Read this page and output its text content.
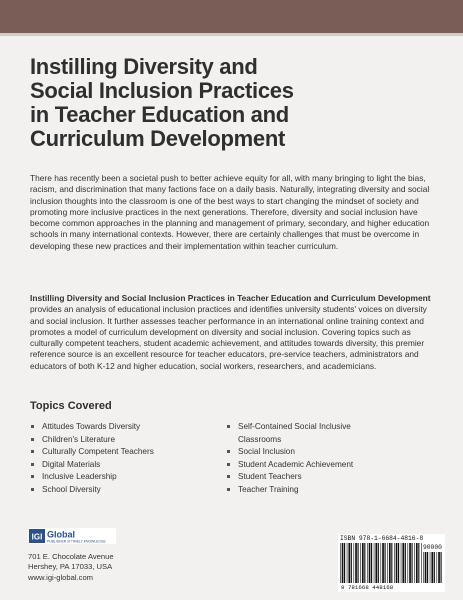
Instilling Diversity and
Social Inclusion Practices
in Teacher Education and
Curriculum Development

There has recently been a societal push to better achieve equity for all, with many bringing to light the bias, racism, and discrimination that many factions face on a daily basis. Naturally, integrating diversity and social inclusion thoughts into the classroom is one of the best ways to start changing the mindset of society and promoting more inclusive practices in the next generations. Therefore, diversity and social inclusion have become common approaches in the planning and management of primary, secondary, and higher education schools in many international contexts. However, there are certainly challenges that must be overcome in developing these new practices and their implementation within teacher curriculum.

Instilling Diversity and Social Inclusion Practices in Teacher Education and Curriculum Development provides an analysis of educational inclusion practices and identifies university students' voices on diversity and social inclusion. It further assesses teacher performance in an international online training context and promotes a model of curriculum development on diversity and social inclusion. Covering topics such as culturally competent teachers, student academic achievement, and attitudes towards diversity, this premier reference source is an excellent resource for teacher educators, pre-service teachers, administrators and educators of both K-12 and higher education, social workers, researchers, and academicians.

Topics Covered
Attitudes Towards Diversity
Children's Literature
Culturally Competent Teachers
Digital Materials
Inclusive Leadership
School Diversity
Self-Contained Social Inclusive
Classrooms
Social Inclusion
Student Academic Achievement
Student Teachers
Teacher Training
IGI Global
PUBLISHER of TIMELY KNOWLEDGE
701 E. Chocolate Avenue
Hershey, PA 17033, USA
www.igi-global.com
ISBN 978-1-6684-4816-8
90000
9 781668 448168
